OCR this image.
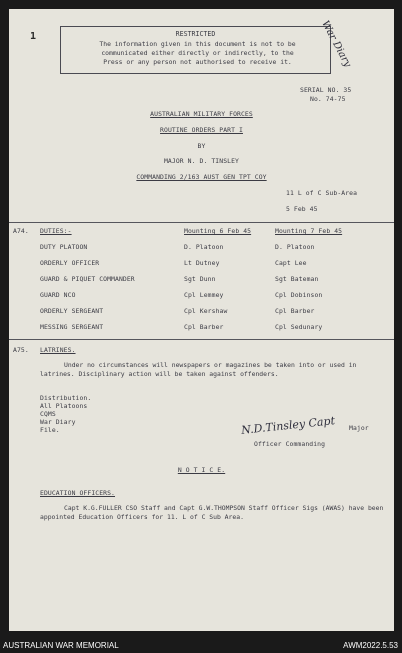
1	RESTRICTED
The information given in this document is not to be
communicated either directly or indirectly, to the
Press or any person not authorised to receive it.	War Diary
SERIAL NO. 35
No. 74-75
AUSTRALIAN MILITARY FORCES
ROUTINE ORDERS PART I
BY
MAJOR N. D. TINSLEY
COMMANDING 2/163 AUST GEN TPT COY
11 L of C Sub-Area
5 Feb 45
A74. DUTIES:-	Mounting 6 Feb 45	Mounting 7 Feb 45
DUTY PLATOON	D. Platoon	D. Platoon
ORDERLY OFFICER	Lt Dutney	Capt Lee
GUARD & PIQUET COMMANDER	Sgt Dunn	Sgt Bateman
GUARD NCO	Cpl Lemmey	Cpl Dobinson
ORDERLY SERGEANT	Cpl Kershaw	Cpl Barber
MESSING SERGEANT	Cpl Barber	Cpl Sedunary
A75. LATRINES.
Under no circumstances will newspapers or magazines be taken into or used in latrines. Disciplinary action will be taken against offenders.
Distribution.
All Platoons
CQMS
War Diary
File.	N.D.Tinsley Capt Major
Officer Commanding
N O T I C E.
EDUCATION OFFICERS.
Capt K.G.FULLER CSO Staff and Capt G.W.THOMPSON Staff Officer Sigs (AWAS) have been appointed Education Officers for 11. L of C Sub Area.
AUSTRALIAN WAR MEMORIAL	AWM2022.5.53
